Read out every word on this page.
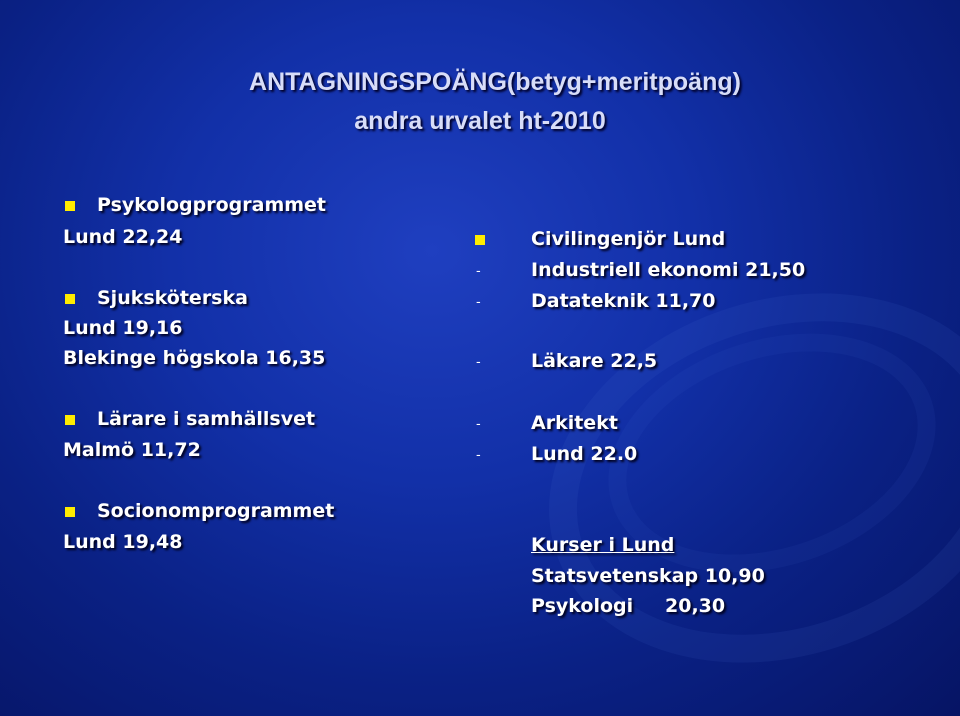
ANTAGNINGSPOÄNG(betyg+meritpoäng)
andra urvalet ht-2010
Psykologprogrammet
Lund 22,24
Sjuksköterska
Lund 19,16
Blekinge högskola 16,35
Lärare i samhällsvet
Malmö 11,72
Socionomprogrammet
Lund 19,48
Civilingenjör Lund
-	Industriell ekonomi 21,50
-	Datateknik 11,70
-	Läkare 22,5
-	Arkitekt
-	Lund 22.0
Kurser i Lund
Statsvetenskap 10,90
Psykologi 20,30
